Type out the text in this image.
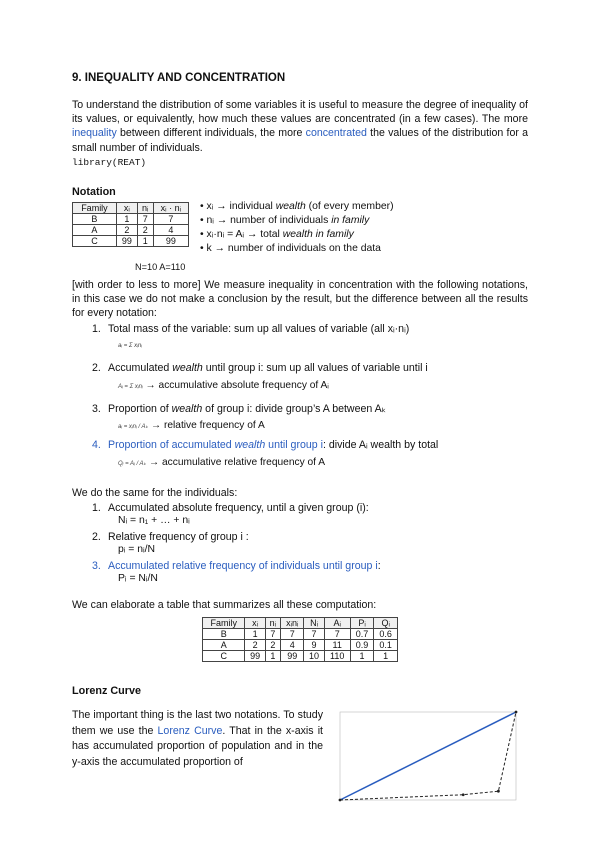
9. INEQUALITY AND CONCENTRATION
To understand the distribution of some variables it is useful to measure the degree of inequality of its values, or equivalently, how much these values are concentrated (in a few cases). The more inequality between different individuals, the more concentrated the values of the distribution for a small number of individuals.
library(REAT)
Notation
Family	xᵢ	nᵢ	xᵢ · nᵢ
B	1	7	7
A	2	2	4
C	99	1	99
N=10 A=110
• xᵢ → individual wealth (of every member)
• nᵢ → number of individuals in family
• xᵢ·nᵢ = Aᵢ → total wealth in family
• k → number of individuals on the data
[with order to less to more] We measure inequality in concentration with the following notations, in this case we do not make a conclusion by the result, but the difference between all the results for every notation:
1. Total mass of the variable: sum up all values of variable (all xᵢ·nᵢ)
aᵢ = Σ xᵢnᵢ
2. Accumulated wealth until group i: sum up all values of variable until i
Aᵢ = Σ xᵢnᵢ → accumulative absolute frequency of Aᵢ
3. Proportion of wealth of group i: divide group’s A between Aₖ
aᵢ = xᵢnᵢ / Aₖ → relative frequency of A
4. Proportion of accumulated wealth until group i: divide Aᵢ wealth by total
Qᵢ = Aᵢ / Aₖ → accumulative relative frequency of A
We do the same for the individuals:
1. Accumulated absolute frequency, until a given group (i):
Nᵢ = n₁ + … + nᵢ
2. Relative frequency of group i :
pᵢ = nᵢ/N
3. Accumulated relative frequency of individuals until group i:
Pᵢ = Nᵢ/N
We can elaborate a table that summarizes all these computation:
Family	xᵢ	nᵢ	xᵢnᵢ	Nᵢ	Aᵢ	Pᵢ	Qᵢ
B	1	7	7	7	7	0.7	0.6
A	2	2	4	9	11	0.9	0.1
C	99	1	99	10	110	1	1
Lorenz Curve
The important thing is the last two notations. To study them we use the Lorenz Curve. That in the x-axis it has accumulated proportion of population and in the y-axis the accumulated proportion of
